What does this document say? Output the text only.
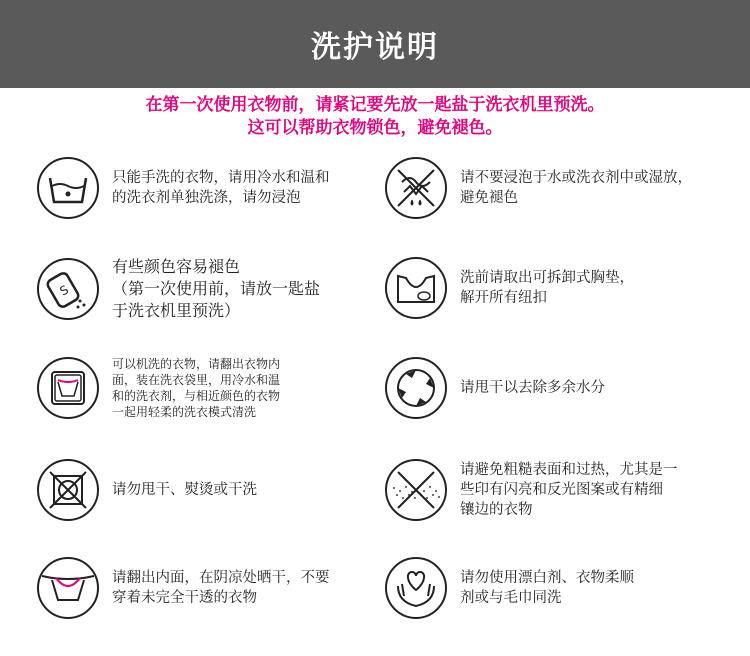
洗护说明
在第一次使用衣物前，请紧记要先放一匙盐于洗衣机里预洗。
这可以帮助衣物锁色，避免褪色。
只能手洗的衣物，请用冷水和温和
的洗衣剂单独洗涤，请勿浸泡
请不要浸泡于水或洗衣剂中或湿放，
避免褪色
S
有些颜色容易褪色
（第一次使用前，请放一匙盐
于洗衣机里预洗）
洗前请取出可拆卸式胸垫，
解开所有纽扣
可以机洗的衣物，请翻出衣物内
面，装在洗衣袋里，用冷水和温
和的洗衣剂，与相近颜色的衣物
一起用轻柔的洗衣模式清洗
请甩干以去除多余水分
请勿甩干、熨烫或干洗
请避免粗糙表面和过热，尤其是一
些印有闪亮和反光图案或有精细
镶边的衣物
请翻出内面，在阴凉处晒干，不要
穿着未完全干透的衣物
请勿使用漂白剂、衣物柔顺
剂或与毛巾同洗
